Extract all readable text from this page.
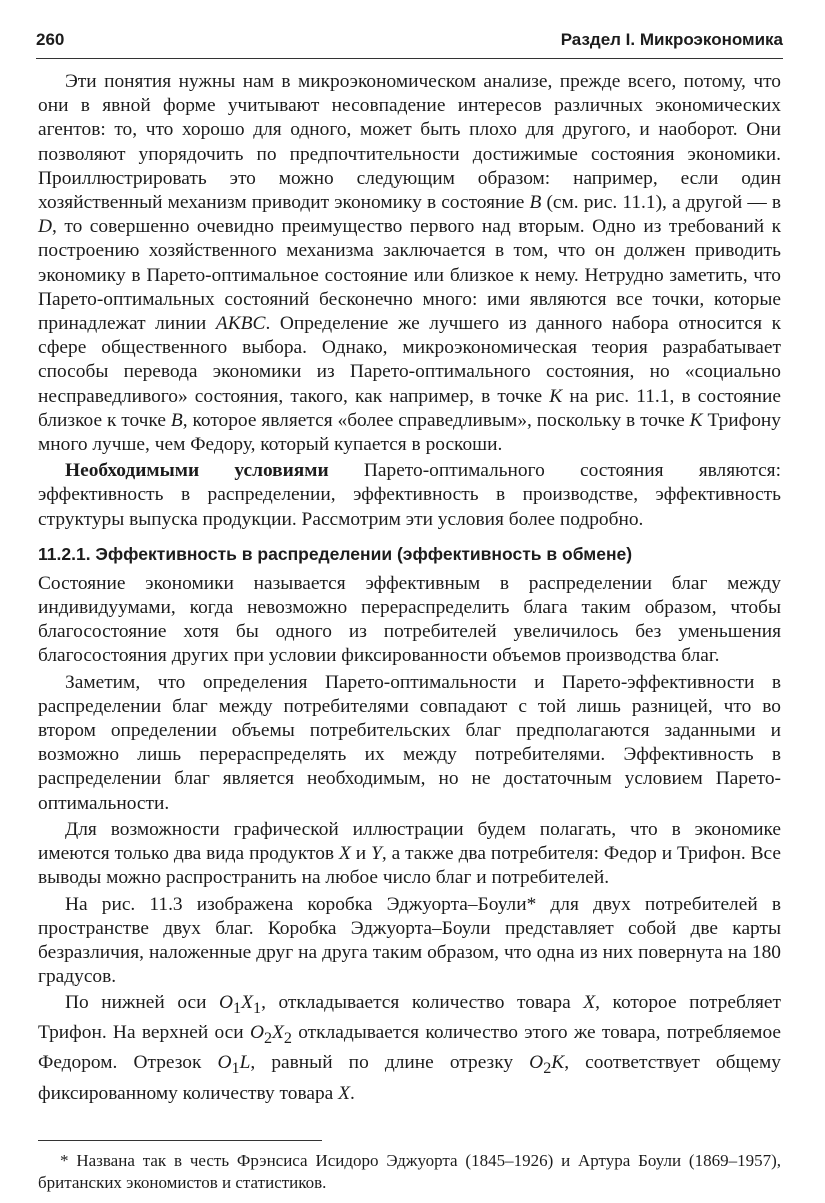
260	Раздел I. Микроэкономика

Эти понятия нужны нам в микроэкономическом анализе, прежде всего, потому, что они в явной форме учитывают несовпадение интересов различных экономических агентов: то, что хорошо для одного, может быть плохо для другого, и наоборот. Они позволяют упорядочить по предпочтительности достижимые состояния экономики. Проиллюстрировать это можно следующим образом: например, если один хозяйственный механизм приводит экономику в состояние B (см. рис. 11.1), а другой — в D, то совершенно очевидно преимущество первого над вторым. Одно из требований к построению хозяйственного механизма заключается в том, что он должен приводить экономику в Парето-оптимальное состояние или близкое к нему. Нетрудно заметить, что Парето-оптимальных состояний бесконечно много: ими являются все точки, которые принадлежат линии AKBC. Определение же лучшего из данного набора относится к сфере общественного выбора. Однако, микроэкономическая теория разрабатывает способы перевода экономики из Парето-оптимального состояния, но «социально несправедливого» состояния, такого, как например, в точке K на рис. 11.1, в состояние близкое к точке B, которое является «более справедливым», поскольку в точке K Трифону много лучше, чем Федору, который купается в роскоши.

Необходимыми условиями Парето-оптимального состояния являются: эффективность в распределении, эффективность в производстве, эффективность структуры выпуска продукции. Рассмотрим эти условия более подробно.

11.2.1. Эффективность в распределении (эффективность в обмене)

Состояние экономики называется эффективным в распределении благ между индивидуумами, когда невозможно перераспределить блага таким образом, чтобы благосостояние хотя бы одного из потребителей увеличилось без уменьшения благосостояния других при условии фиксированности объемов производства благ.

Заметим, что определения Парето-оптимальности и Парето-эффективности в распределении благ между потребителями совпадают с той лишь разницей, что во втором определении объемы потребительских благ предполагаются заданными и возможно лишь перераспределять их между потребителями. Эффективность в распределении благ является необходимым, но не достаточным условием Парето-оптимальности.

Для возможности графической иллюстрации будем полагать, что в экономике имеются только два вида продуктов X и Y, а также два потребителя: Федор и Трифон. Все выводы можно распространить на любое число благ и потребителей.

На рис. 11.3 изображена коробка Эджуорта–Боули* для двух потребителей в пространстве двух благ. Коробка Эджуорта–Боули представляет собой две карты безразличия, наложенные друг на друга таким образом, что одна из них повернута на 180 градусов.

По нижней оси $O_1X_1$, откладывается количество товара X, которое потребляет Трифон. На верхней оси $O_2X_2$ откладывается количество этого же товара, потребляемое Федором. Отрезок $O_1L$, равный по длине отрезку $O_2K$, соответствует общему фиксированному количеству товара X.

* Названа так в честь Фрэнсиса Исидоро Эджуорта (1845–1926) и Артура Боули (1869–1957), британских экономистов и статистиков.
